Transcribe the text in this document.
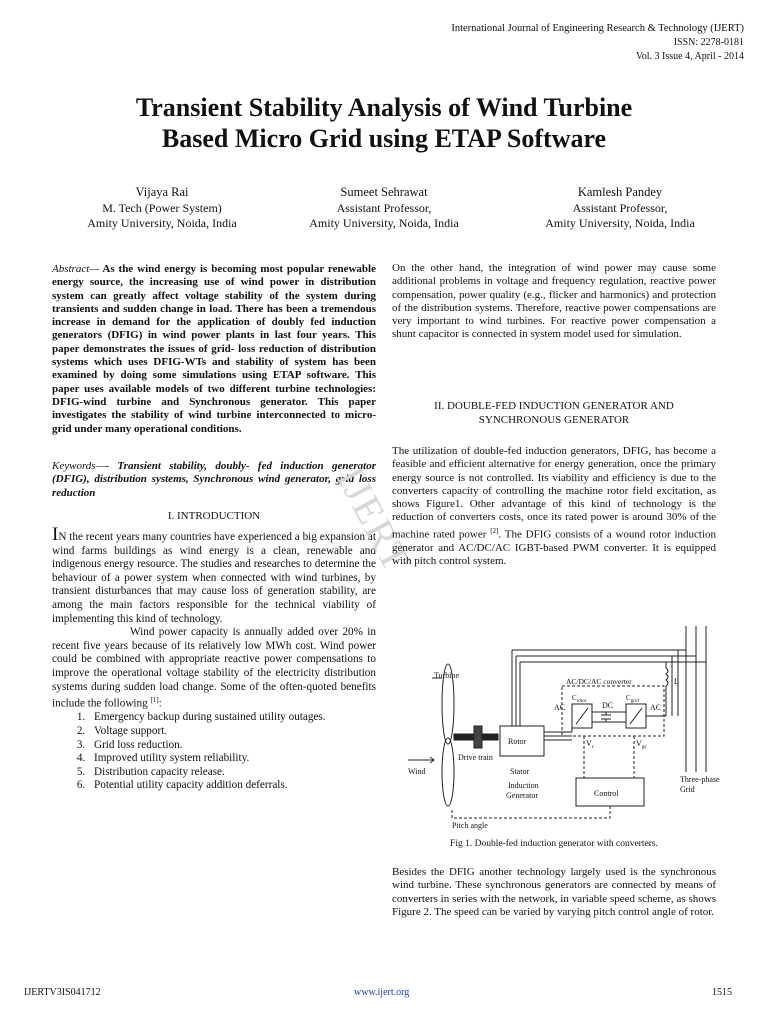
International Journal of Engineering Research & Technology (IJERT)
ISSN: 2278-0181
Vol. 3 Issue 4, April - 2014
Transient Stability Analysis of Wind Turbine
Based Micro Grid using ETAP Software
Vijaya Rai
M. Tech (Power System)
Amity University, Noida, India
Sumeet Sehrawat
Assistant Professor,
Amity University, Noida, India
Kamlesh Pandey
Assistant Professor,
Amity University, Noida, India
Abstract— As the wind energy is becoming most popular renewable energy source, the increasing use of wind power in distribution system can greatly affect voltage stability of the system during transients and sudden change in load. There has been a tremendous increase in demand for the application of doubly fed induction generators (DFIG) in wind power plants in last four years. This paper demonstrates the issues of grid- loss reduction of distribution systems which uses DFIG-WTs and stability of system has been examined by doing some simulations using ETAP software. This paper uses available models of two different turbine technologies: DFIG-wind turbine and Synchronous generator. This paper investigates the stability of wind turbine interconnected to micro-grid under many operational conditions.
Keywords—- Transient stability, doubly- fed induction generator (DFIG), distribution systems, Synchronous wind generator, grid loss reduction
I. INTRODUCTION
IN the recent years many countries have experienced a big expansion at wind farms buildings as wind energy is a clean, renewable and indigenous energy resource. The studies and researches to determine the behaviour of a power system when connected with wind turbines, by transient disturbances that may cause loss of generation stability, are among the main factors responsible for the technical viability of implementing this kind of technology.
Wind power capacity is annually added over 20% in recent five years because of its relatively low MWh cost. Wind power could be combined with appropriate reactive power compensations to improve the operational voltage stability of the electricity distribution systems during sudden load change. Some of the often-quoted benefits include the following [1]:
1. Emergency backup during sustained utility outages.
2. Voltage support.
3. Grid loss reduction.
4. Improved utility system reliability.
5. Distribution capacity release.
6. Potential utility capacity addition deferrals.
IJERT
On the other hand, the integration of wind power may cause some additional problems in voltage and frequency regulation, reactive power compensation, power quality (e.g., flicker and harmonics) and protection of the distribution systems. Therefore, reactive power compensations are very important to wind turbines. For reactive power compensation a shunt capacitor is connected in system model used for simulation.
II. DOUBLE-FED INDUCTION GENERATOR AND
SYNCHRONOUS GENERATOR
The utilization of double-fed induction generators, DFIG, has become a feasible and efficient alternative for energy generation, once the primary energy source is not controlled. Its viability and efficiency is due to the converters capacity of controlling the machine rotor field excitation, as shows Figure1. Other advantage of this kind of technology is the reduction of converters costs, once its rated power is around 30% of the machine rated power [2]. The DFIG consists of a wound rotor induction generator and AC/DC/AC IGBT-based PWM converter. It is equipped with pitch control system.
Turbine
Wind
Drive train
Rotor
Stator
Induction
Generator
AC/DC/AC converter
$C_{rotor}$	$C_{grid}$
AC	DC	AC
$V_r$	$V_{gc}$
Control
L
Three-phase
Grid
Pitch angle
Fig 1. Double-fed induction generator with converters.
Besides the DFIG another technology largely used is the synchronous wind turbine. These synchronous generators are connected by means of converters in series with the network, in variable speed scheme, as shows Figure 2. The speed can be varied by varying pitch control angle of rotor.
IJERTV3IS041712	www.ijert.org	1515
